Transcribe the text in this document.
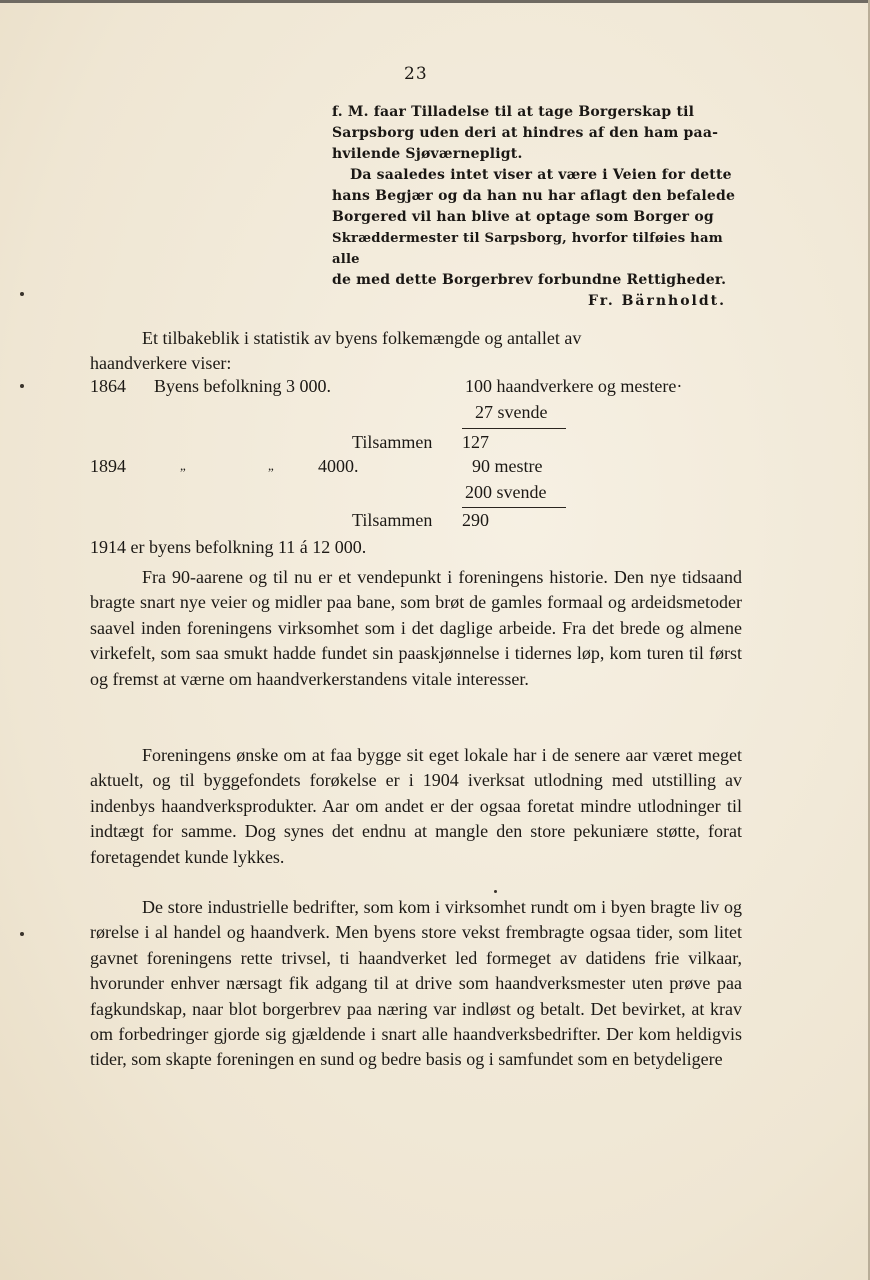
23

f. M. faar Tilladelse til at tage Borgerskap til

Sarpsborg uden deri at hindres af den ham paa-

hvilende Sjøværnepligt.

Da saaledes intet viser at være i Veien for dette

hans Begjær og da han nu har aflagt den befalede

Borgered vil han blive at optage som Borger og

Skræddermester til Sarpsborg, hvorfor tilføies ham alle

de med dette Borgerbrev forbundne Rettigheder.

Fr. Bärnholdt.

Et tilbakeblik i statistik av byens folkemængde og antallet av

haandverkere viser:

1864 Byens befolkning 3 000.	100 haandverkere og mestere·
27 svende
Tilsammen 127
1894	„	„ 4000.	90 mestre
200 svende
Tilsammen 290
1914 er byens befolkning 11 á 12 000.

Fra 90-aarene og til nu er et vendepunkt i foreningens historie. Den nye tidsaand bragte snart nye veier og midler paa bane, som brøt de gamles formaal og ardeidsmetoder saavel inden foreningens virksomhet som i det daglige arbeide. Fra det brede og almene virkefelt, som saa smukt hadde fundet sin paaskjønnelse i tidernes løp, kom turen til først og fremst at værne om haandverkerstandens vitale interesser.

Foreningens ønske om at faa bygge sit eget lokale har i de senere aar været meget aktuelt, og til byggefondets forøkelse er i 1904 iverksat utlodning med utstilling av indenbys haandverksprodukter. Aar om andet er der ogsaa foretat mindre utlodninger til indtægt for samme. Dog synes det endnu at mangle den store pekuniære støtte, forat foretagendet kunde lykkes.

De store industrielle bedrifter, som kom i virksomhet rundt om i byen bragte liv og rørelse i al handel og haandverk. Men byens store vekst frembragte ogsaa tider, som litet gavnet foreningens rette trivsel, ti haandverket led formeget av datidens frie vilkaar, hvorunder enhver nærsagt fik adgang til at drive som haandverksmester uten prøve paa fagkundskap, naar blot borgerbrev paa næring var indløst og betalt. Det bevirket, at krav om forbedringer gjorde sig gjældende i snart alle haandverksbedrifter. Der kom heldigvis tider, som skapte foreningen en sund og bedre basis og i samfundet som en betydeligere
